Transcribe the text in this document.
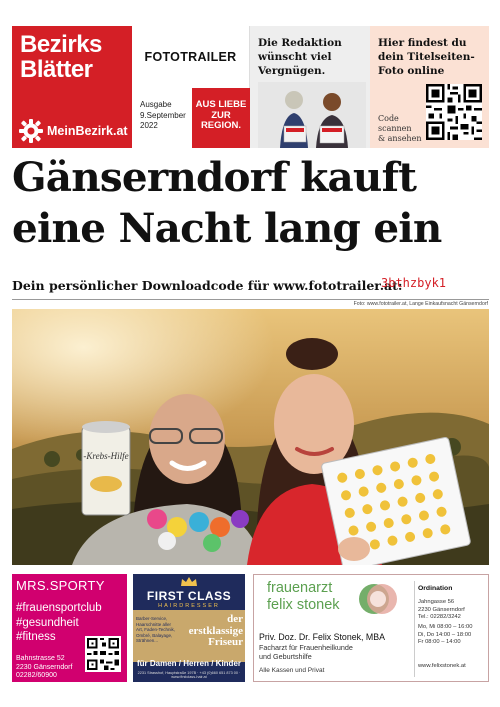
Bezirks
Blätter
MeinBezirk.at
FOTOTRAILER
Ausgabe
9.September
2022
AUS LIEBE
ZUR
REGION.
Die Redaktion wünscht viel Vergnügen.
Hier findest du dein Titelseiten-Foto online
Code
scannen
& ansehen
Gänserndorf kauft
eine Nacht lang ein
Dein persönlicher Downloadcode für www.fototrailer.at:
3bthzbyk1
Foto: www.fototrailer.at, Lange Einkaufsnacht Gänserndorf
-Krebs-Hilfe
MRS.SPORTY
#frauensportclub
#gesundheit
#fitness
Bahnstrasse 52
2230 Gänserndorf
02282/60900
FIRST CLASS
HAIRDRESSER
Barber-Service, Haarschnitte aller Art, Faden-Technik, Ombré, Balayage, Strähnen...
der
erstklassige
Friseur
für Damen / Herren / Kinder
2231 Strasshof, Hauptstraße 197B · +43 (0)660 651 873 00 · www.firstclass-hair.at
frauenarzt
felix stonek
Priv. Doz. Dr. Felix Stonek, MBA
Facharzt für Frauenheilkunde
und Geburtshilfe
Alle Kassen und Privat
Ordination
Jahngasse 56
2230 Gänserndorf
Tel.: 02282/3242
Mo, Mi 08:00 – 16:00
Di, Do 14:00 – 18:00
Fr 08:00 – 14:00
www.felixstonek.at
